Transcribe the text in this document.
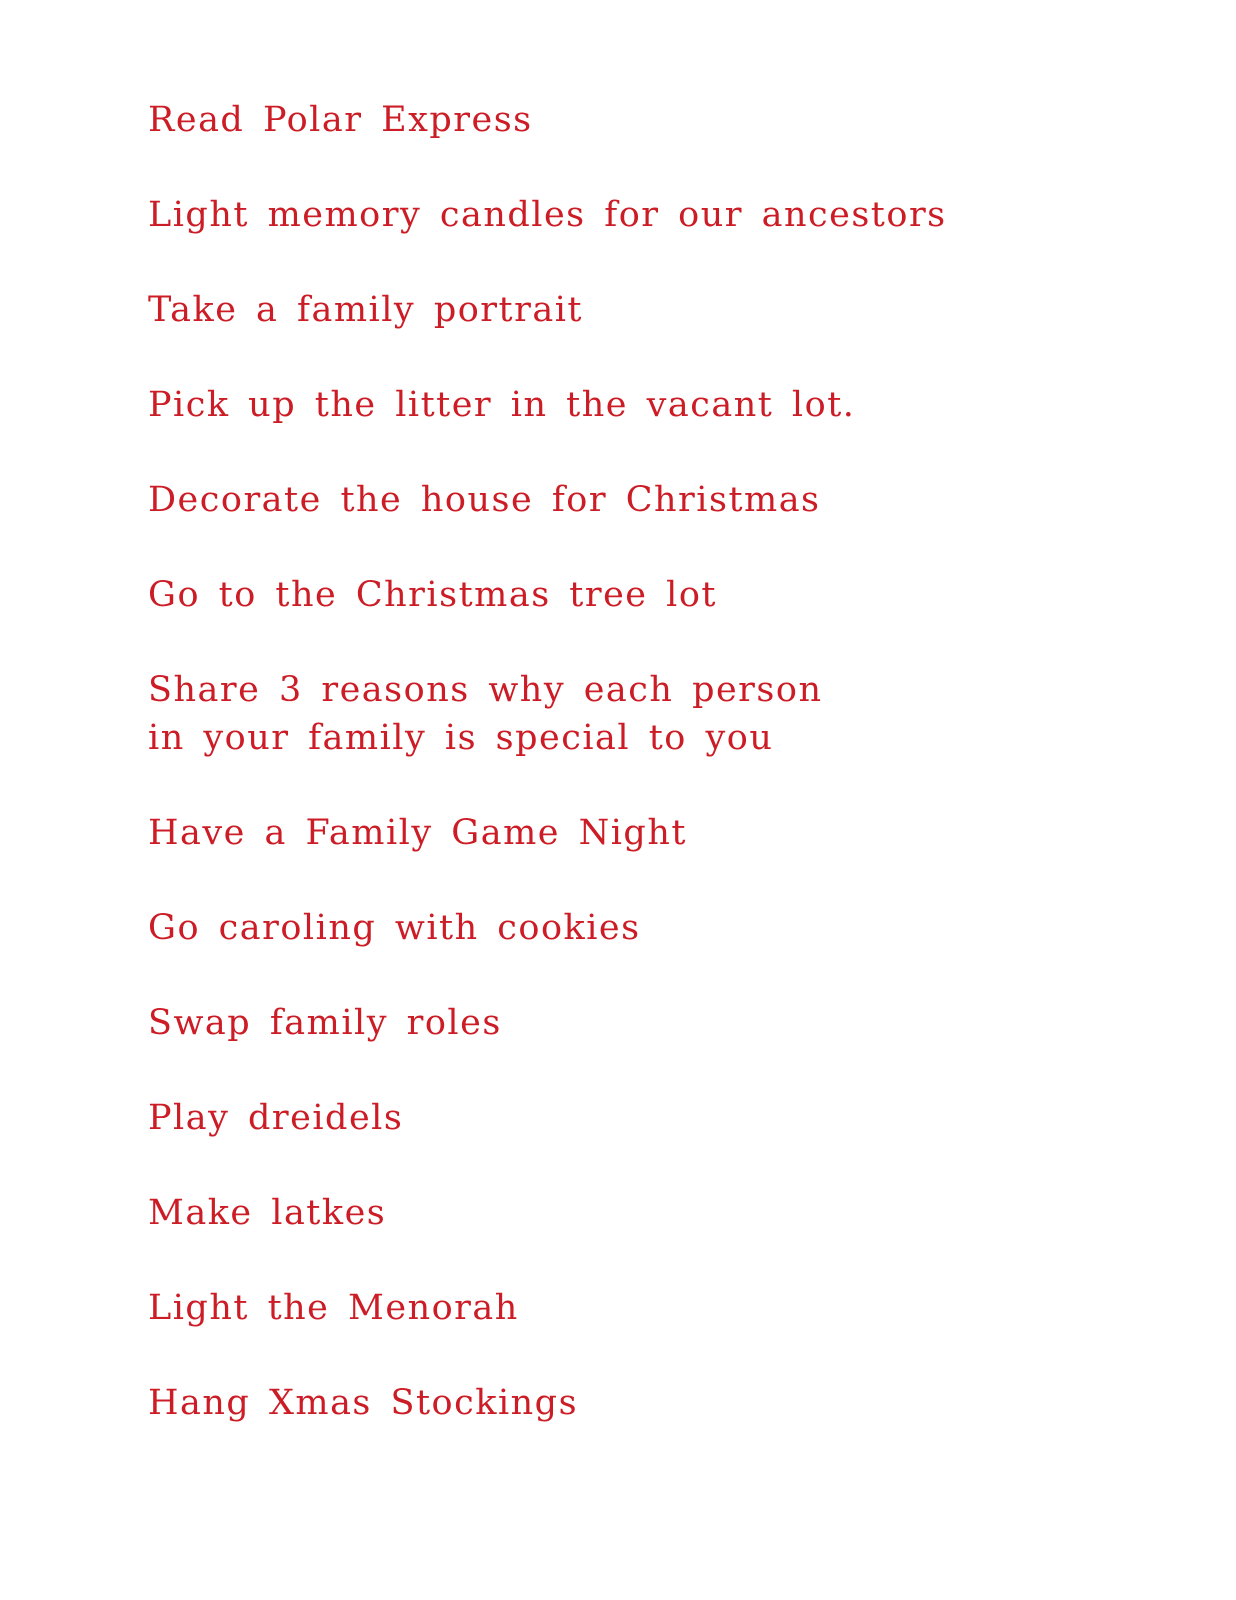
Read Polar Express
Light memory candles for our ancestors
Take a family portrait
Pick up the litter in the vacant lot.
Decorate the house for Christmas
Go to the Christmas tree lot
Share 3 reasons why each person
in your family is special to you
Have a Family Game Night
Go caroling with cookies
Swap family roles
Play dreidels
Make latkes
Light the Menorah
Hang Xmas Stockings
